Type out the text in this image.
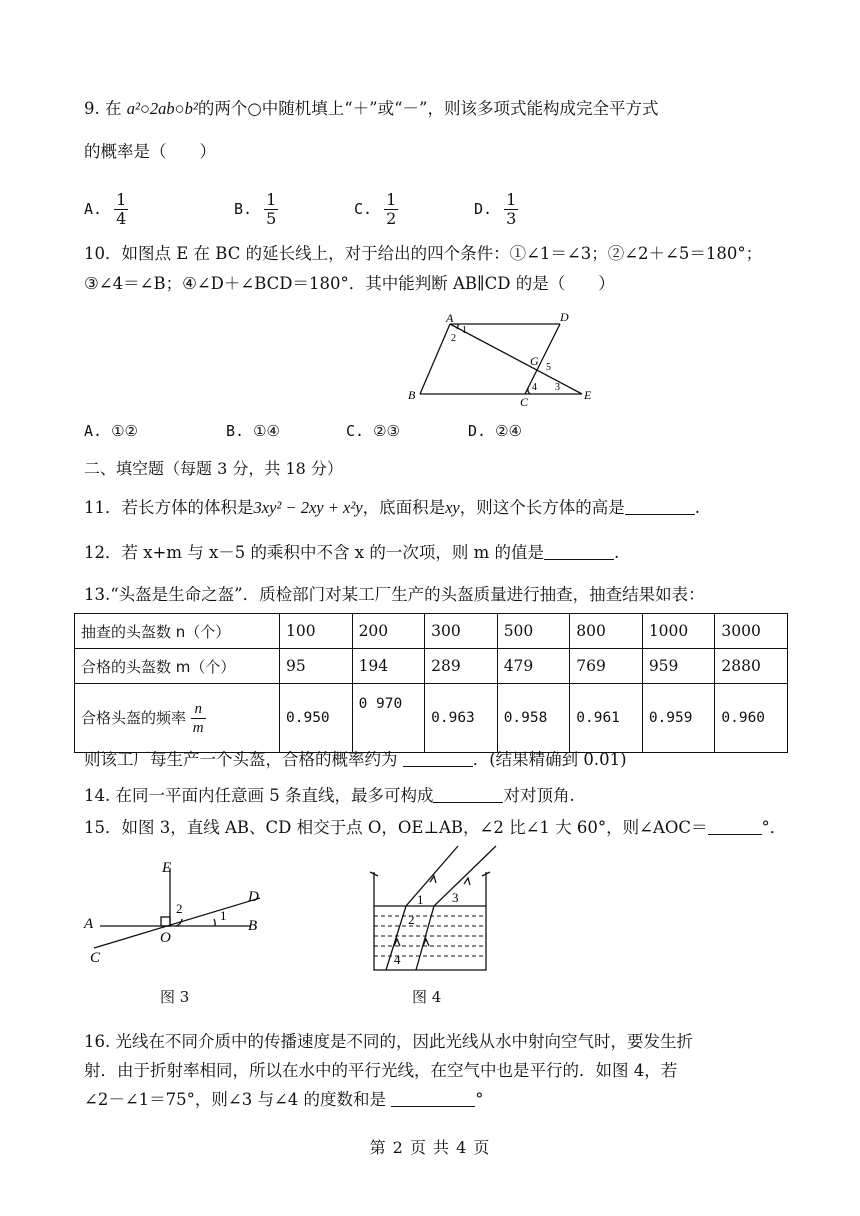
9. 在 a²○2ab○b²的两个○中随机填上“＋”或“－”，则该多项式能构成完全平方式
的概率是（　　）
A. $\frac{1}{4}$	B. $\frac{1}{5}$	C. $\frac{1}{2}$	D. $\frac{1}{3}$
10．如图点 E 在 BC 的延长线上，对于给出的四个条件：①∠1＝∠3；②∠2＋∠5＝180°；
③∠4＝∠B；④∠D＋∠BCD＝180°．其中能判断 AB∥CD 的是（　　）
A	D
B	C	E
G
1
2
3
4
5
A. ①②	B. ①④	C. ②③	D. ②④
二、填空题（每题 3 分，共 18 分）
11．若长方体的体积是3xy² − 2xy + x²y，底面积是xy，则这个长方体的高是	.
12．若 x+m 与 x－5 的乘积中不含 x 的一次项，则 m 的值是	.
13.“头盔是生命之盔”．质检部门对某工厂生产的头盔质量进行抽查，抽查结果如表：
抽查的头盔数 n（个）	100	200	300	500	800	1000	3000
合格的头盔数 m（个）	95	194	289	479	769	959	2880
合格头盔的频率 $\frac{n}{m}$	0.950	0 970	0.963	0.958	0.961	0.959	0.960
则该工厂每生产一个头盔，合格的概率约为	．(结果精确到 0.01)
14. 在同一平面内任意画 5 条直线，最多可构成	对对顶角.
15．如图 3，直线 AB、CD 相交于点 O，OE⊥AB，∠2 比∠1 大 60°，则∠AOC＝	°．
E
D
A	B
O
C
2	1
图 3
1
2
3
4
图 4
16. 光线在不同介质中的传播速度是不同的，因此光线从水中射向空气时，要发生折
射．由于折射率相同，所以在水中的平行光线，在空气中也是平行的．如图 4，若
∠2－∠1＝75°，则∠3 与∠4 的度数和是	°
第 2 页 共 4 页
